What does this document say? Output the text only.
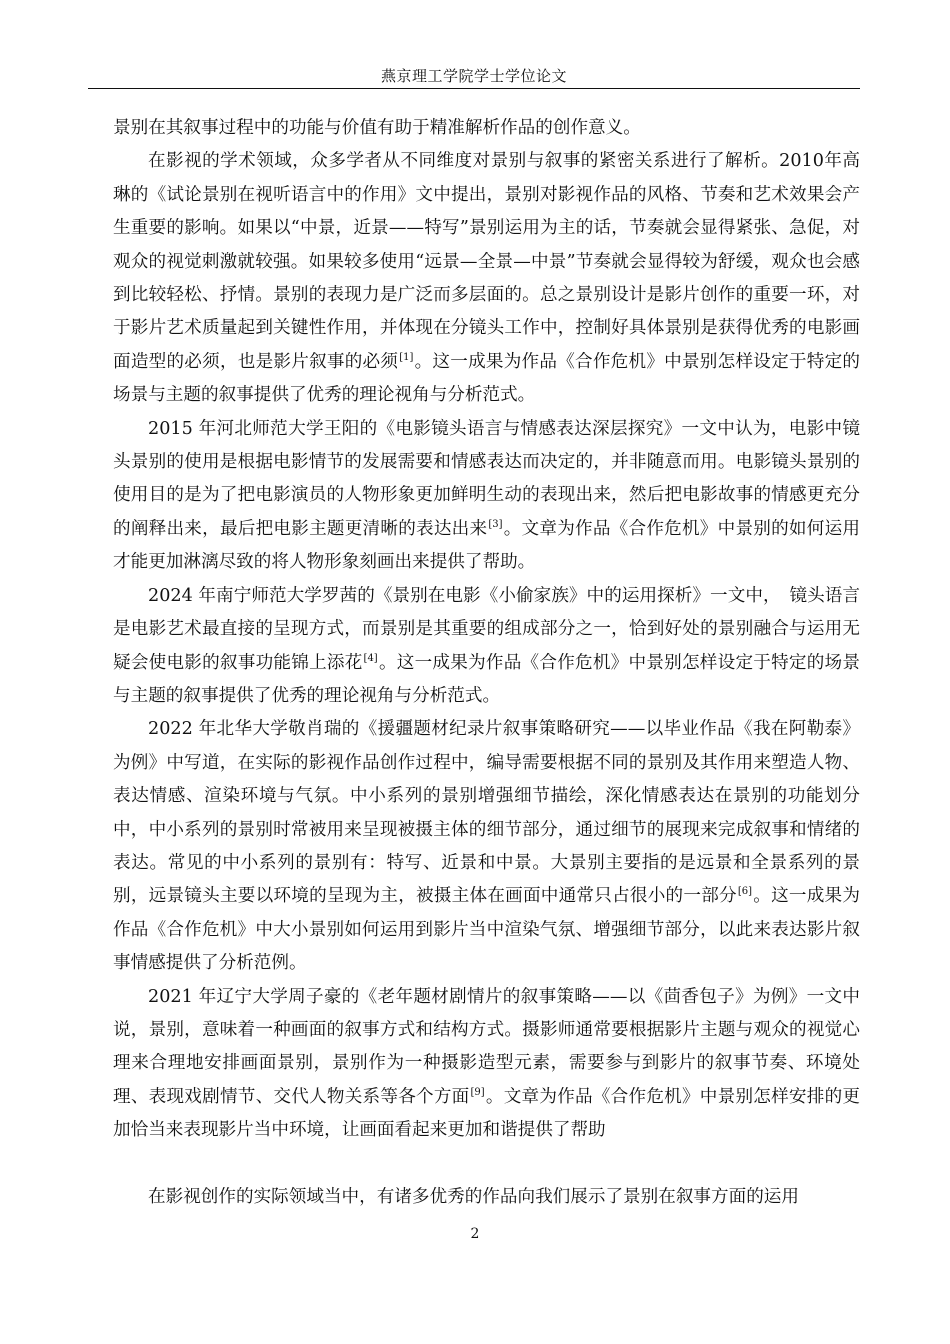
燕京理工学院学士学位论文

景别在其叙事过程中的功能与价值有助于精准解析作品的创作意义。

在影视的学术领域，众多学者从不同维度对景别与叙事的紧密关系进行了解析。2010年高琳的《试论景别在视听语言中的作用》文中提出，景别对影视作品的风格、节奏和艺术效果会产生重要的影响。如果以“中景，近景——特写”景别运用为主的话，节奏就会显得紧张、急促，对观众的视觉刺激就较强。如果较多使用“远景—全景—中景”节奏就会显得较为舒缓，观众也会感到比较轻松、抒情。景别的表现力是广泛而多层面的。总之景别设计是影片创作的重要一环，对于影片艺术质量起到关键性作用，并体现在分镜头工作中，控制好具体景别是获得优秀的电影画面造型的必须，也是影片叙事的必须[1]。这一成果为作品《合作危机》中景别怎样设定于特定的场景与主题的叙事提供了优秀的理论视角与分析范式。

2015 年河北师范大学王阳的《电影镜头语言与情感表达深层探究》一文中认为，电影中镜头景别的使用是根据电影情节的发展需要和情感表达而决定的，并非随意而用。电影镜头景别的使用目的是为了把电影演员的人物形象更加鲜明生动的表现出来，然后把电影故事的情感更充分的阐释出来，最后把电影主题更清晰的表达出来[3]。文章为作品《合作危机》中景别的如何运用才能更加淋漓尽致的将人物形象刻画出来提供了帮助。

2024 年南宁师范大学罗茜的《景别在电影《小偷家族》中的运用探析》一文中，　镜头语言是电影艺术最直接的呈现方式，而景别是其重要的组成部分之一，恰到好处的景别融合与运用无疑会使电影的叙事功能锦上添花[4]。这一成果为作品《合作危机》中景别怎样设定于特定的场景与主题的叙事提供了优秀的理论视角与分析范式。

2022 年北华大学敬肖瑞的《援疆题材纪录片叙事策略研究——以毕业作品《我在阿勒泰》为例》中写道，在实际的影视作品创作过程中，编导需要根据不同的景别及其作用来塑造人物、表达情感、渲染环境与气氛。中小系列的景别增强细节描绘，深化情感表达在景别的功能划分中，中小系列的景别时常被用来呈现被摄主体的细节部分，通过细节的展现来完成叙事和情绪的表达。常见的中小系列的景别有：特写、近景和中景。大景别主要指的是远景和全景系列的景别，远景镜头主要以环境的呈现为主，被摄主体在画面中通常只占很小的一部分[6]。这一成果为作品《合作危机》中大小景别如何运用到影片当中渲染气氛、增强细节部分，以此来表达影片叙事情感提供了分析范例。

2021 年辽宁大学周子豪的《老年题材剧情片的叙事策略——以《茴香包子》为例》一文中说，景别，意味着一种画面的叙事方式和结构方式。摄影师通常要根据影片主题与观众的视觉心理来合理地安排画面景别，景别作为一种摄影造型元素，需要参与到影片的叙事节奏、环境处理、表现戏剧情节、交代人物关系等各个方面[9]。文章为作品《合作危机》中景别怎样安排的更加恰当来表现影片当中环境，让画面看起来更加和谐提供了帮助

在影视创作的实际领域当中，有诸多优秀的作品向我们展示了景别在叙事方面的运用

2
